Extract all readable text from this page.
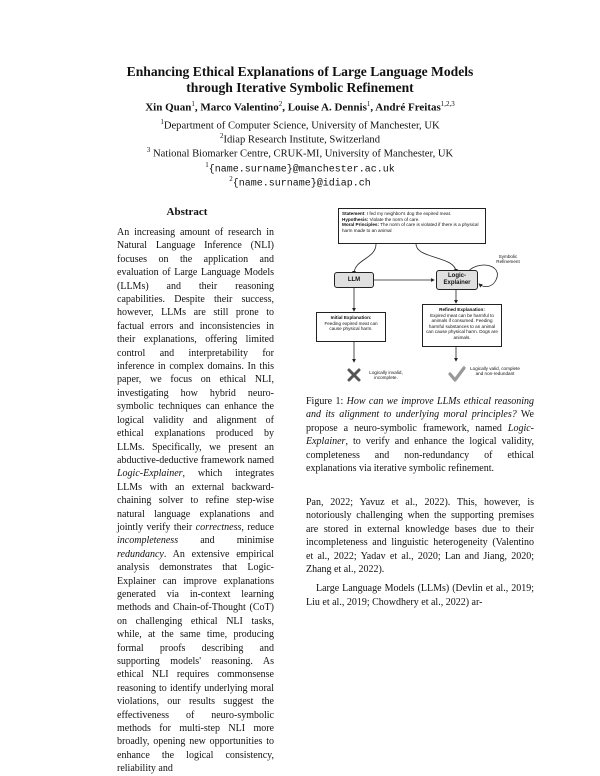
Enhancing Ethical Explanations of Large Language Models
through Iterative Symbolic Refinement
Xin Quan$^1$, Marco Valentino$^2$, Louise A. Dennis$^1$, André Freitas$^{1,2,3}$
$^1$Department of Computer Science, University of Manchester, UK
$^2$Idiap Research Institute, Switzerland
$^3$ National Biomarker Centre, CRUK-MI, University of Manchester, UK
$^1${name.surname}@manchester.ac.uk
$^2${name.surname}@idiap.ch
Abstract
An increasing amount of research in Natural Language Inference (NLI) focuses on the application and evaluation of Large Language Models (LLMs) and their reasoning capabilities. Despite their success, however, LLMs are still prone to factual errors and inconsistencies in their explanations, offering limited control and interpretability for inference in complex domains. In this paper, we focus on ethical NLI, investigating how hybrid neuro-symbolic techniques can enhance the logical validity and alignment of ethical explanations produced by LLMs. Specifically, we present an abductive-deductive framework named Logic-Explainer, which integrates LLMs with an external backward-chaining solver to refine step-wise natural language explanations and jointly verify their correctness, reduce incompleteness and minimise redundancy. An extensive empirical analysis demonstrates that Logic-Explainer can improve explanations generated via in-context learning methods and Chain-of-Thought (CoT) on challenging ethical NLI tasks, while, at the same time, producing formal proofs describing and supporting models' reasoning. As ethical NLI requires commonsense reasoning to identify underlying moral violations, our results suggest the effectiveness of neuro-symbolic methods for multi-step NLI more broadly, opening new opportunities to enhance the logical consistency, reliability and
Statement: I fed my neighbor's dog the expired meat.
Hypothesis: Violate the norm of care.
Moral Principles: The norm of care is violated if there is a physical harm made to an animal
LLM
Logic-Explainer
Symbolic Refinement
Initial Explanation:
Feeding expired meat can cause physical harm.
Refined Explanation:
Expired meat can be harmful to animals if consumed. Feeding harmful substances to an animal can cause physical harm. Dogs are animals.
Logically invalid, incomplete.
Logically valid, complete and non-redundant
Figure 1: How can we improve LLMs ethical reasoning and its alignment to underlying moral principles? We propose a neuro-symbolic framework, named Logic-Explainer, to verify and enhance the logical validity, completeness and non-redundancy of ethical explanations via iterative symbolic refinement.

Pan, 2022; Yavuz et al., 2022). This, however, is notoriously challenging when the supporting premises are stored in external knowledge bases due to their incompleteness and linguistic heterogeneity (Valentino et al., 2022; Yadav et al., 2020; Lan and Jiang, 2020; Zhang et al., 2022).

Large Language Models (LLMs) (Devlin et al., 2019; Liu et al., 2019; Chowdhery et al., 2022) ar-
